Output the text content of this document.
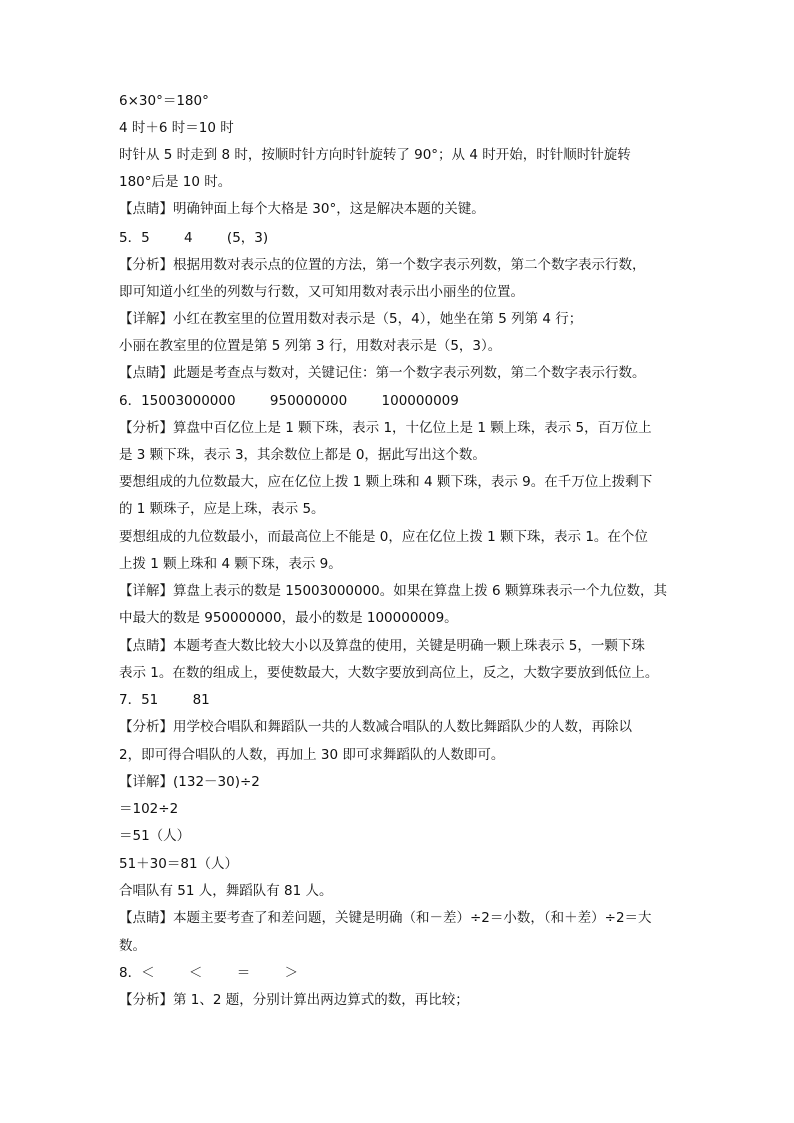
6×30°＝180°
4 时＋6 时＝10 时
时针从 5 时走到 8 时，按顺时针方向时针旋转了 90°；从 4 时开始，时针顺时针旋转
180°后是 10 时。
【点睛】明确钟面上每个大格是 30°，这是解决本题的关键。
5．5        4        (5，3)
【分析】根据用数对表示点的位置的方法，第一个数字表示列数，第二个数字表示行数，
即可知道小红坐的列数与行数，又可知用数对表示出小丽坐的位置。
【详解】小红在教室里的位置用数对表示是（5，4），她坐在第 5 列第 4 行；
小丽在教室里的位置是第 5 列第 3 行，用数对表示是（5，3）。
【点睛】此题是考查点与数对，关键记住：第一个数字表示列数，第二个数字表示行数。
6．15003000000        950000000        100000009
【分析】算盘中百亿位上是 1 颗下珠，表示 1，十亿位上是 1 颗上珠，表示 5，百万位上
是 3 颗下珠，表示 3，其余数位上都是 0，据此写出这个数。
要想组成的九位数最大，应在亿位上拨 1 颗上珠和 4 颗下珠，表示 9。在千万位上拨剩下
的 1 颗珠子，应是上珠，表示 5。
要想组成的九位数最小，而最高位上不能是 0，应在亿位上拨 1 颗下珠，表示 1。在个位
上拨 1 颗上珠和 4 颗下珠，表示 9。
【详解】算盘上表示的数是 15003000000。如果在算盘上拨 6 颗算珠表示一个九位数，其
中最大的数是 950000000，最小的数是 100000009。
【点睛】本题考查大数比较大小以及算盘的使用，关键是明确一颗上珠表示 5，一颗下珠
表示 1。在数的组成上，要使数最大，大数字要放到高位上，反之，大数字要放到低位上。
7．51        81
【分析】用学校合唱队和舞蹈队一共的人数减合唱队的人数比舞蹈队少的人数，再除以
2，即可得合唱队的人数，再加上 30 即可求舞蹈队的人数即可。
【详解】(132－30)÷2
＝102÷2
＝51（人）
51＋30＝81（人）
合唱队有 51 人，舞蹈队有 81 人。
【点睛】本题主要考查了和差问题，关键是明确（和－差）÷2＝小数，（和＋差）÷2＝大
数。
8．＜        ＜        ＝        ＞
【分析】第 1、2 题，分别计算出两边算式的数，再比较；
